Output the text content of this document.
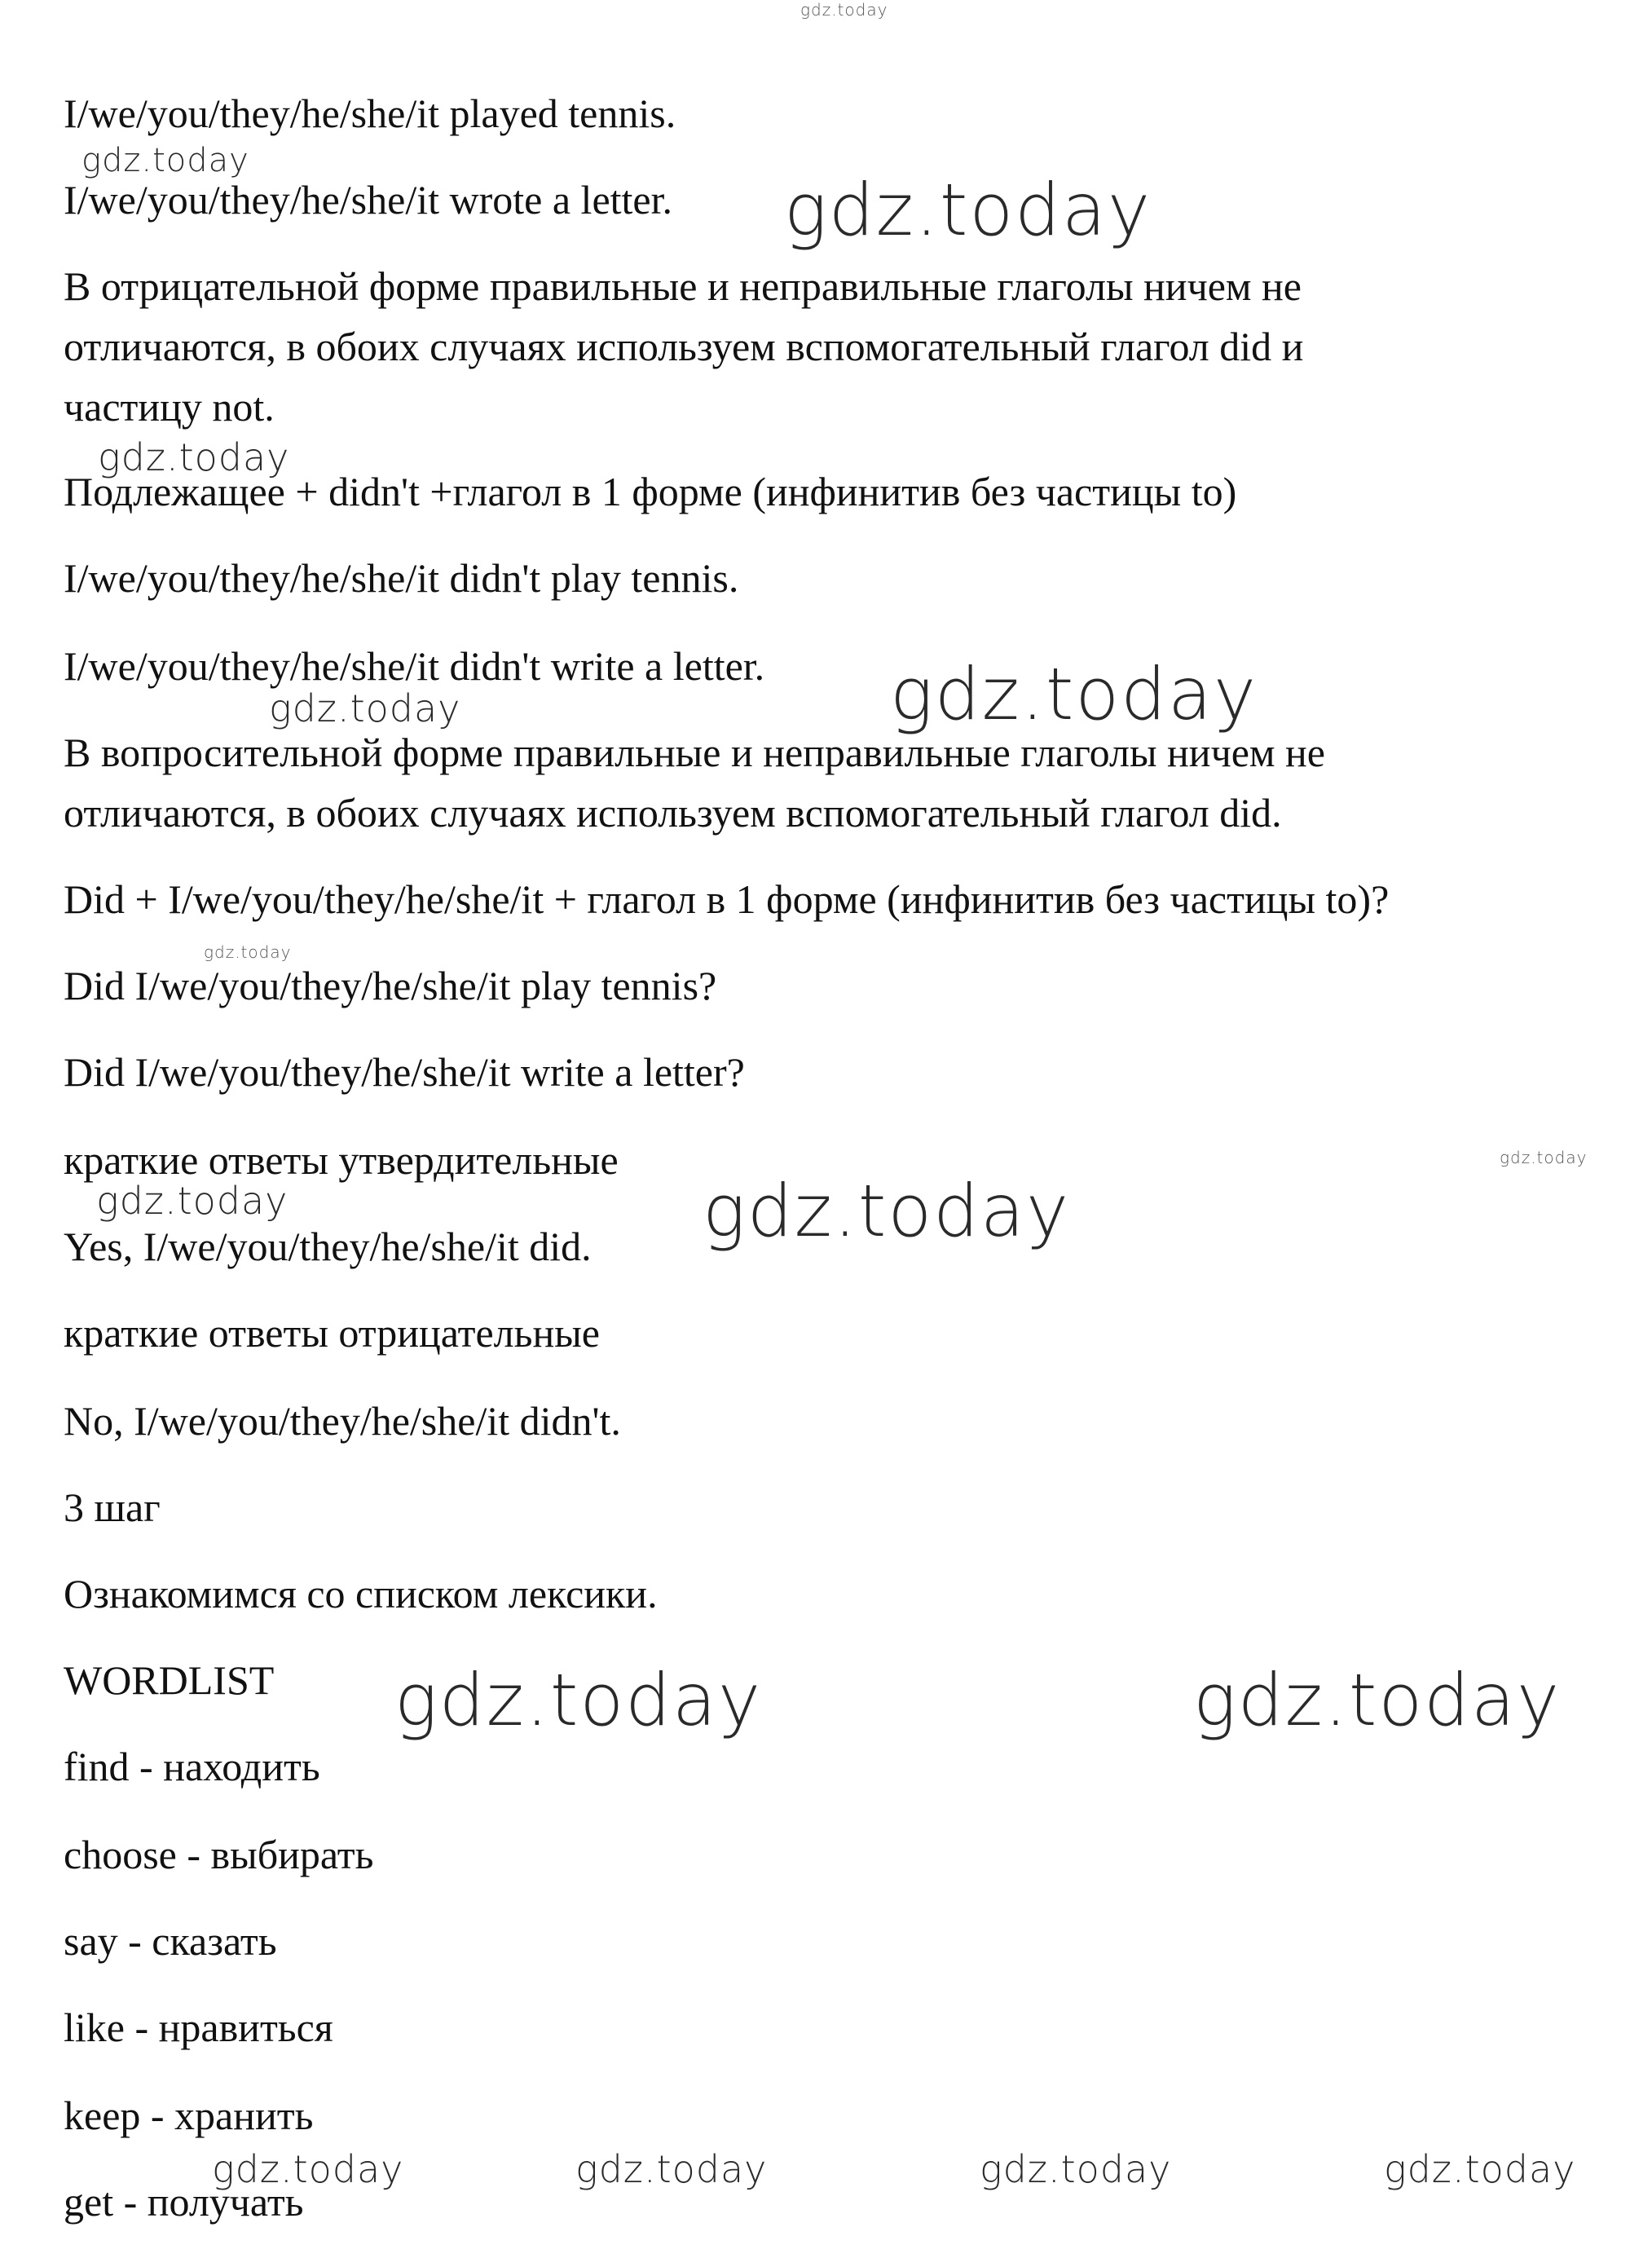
gdz.today
gdz.today
gdz.today
gdz.today
gdz.today	gdz.today
gdz.today
gdz.today
gdz.today	gdz.today
gdz.today	gdz.today
gdz.today	gdz.today	gdz.today	gdz.today
I/we/you/they/he/she/it played tennis.
I/we/you/they/he/she/it wrote a letter.
В отрицательной форме правильные и неправильные глаголы ничем не
отличаются, в обоих случаях используем вспомогательный глагол did и
частицу not.
Подлежащее + didn't +глагол в 1 форме (инфинитив без частицы to)
I/we/you/they/he/she/it didn't play tennis.
I/we/you/they/he/she/it didn't write a letter.
В вопросительной форме правильные и неправильные глаголы ничем не
отличаются, в обоих случаях используем вспомогательный глагол did.
Did + I/we/you/they/he/she/it + глагол в 1 форме (инфинитив без частицы to)?
Did I/we/you/they/he/she/it play tennis?
Did I/we/you/they/he/she/it write a letter?
краткие ответы утвердительные
Yes, I/we/you/they/he/she/it did.
краткие ответы отрицательные
No, I/we/you/they/he/she/it didn't.
3 шаг
Ознакомимся со списком лексики.
WORDLIST
find - находить
choose - выбирать
say - сказать
like - нравиться
keep - хранить
get - получать
